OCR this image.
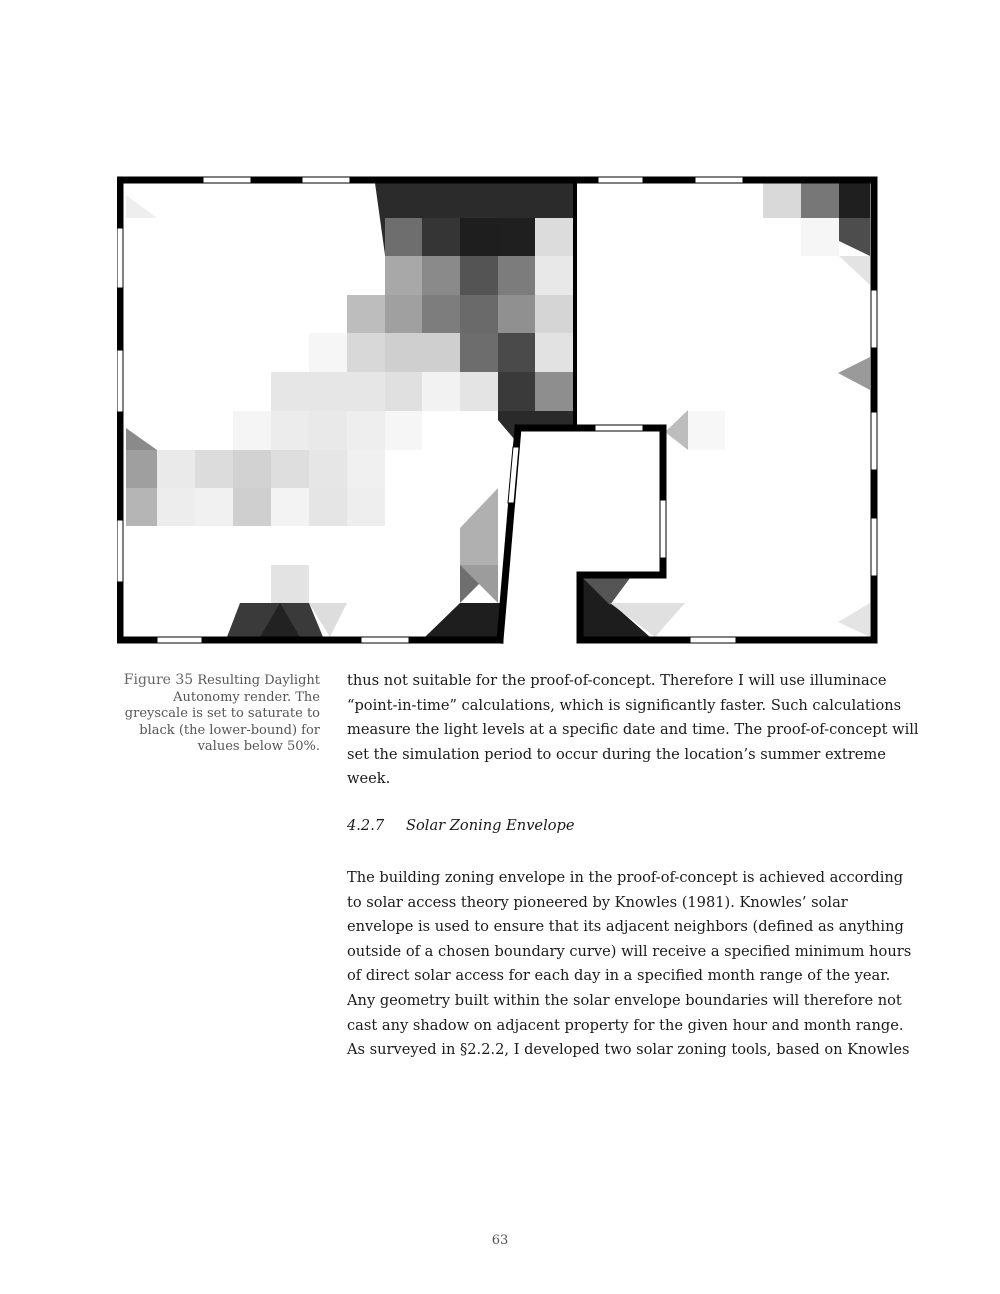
Figure 35 Resulting Daylight Autonomy render. The greyscale is set to saturate to black (the lower-bound) for values below 50%.
thus not suitable for the proof-of-concept. Therefore I will use illuminace
“point-in-time” calculations, which is significantly faster. Such calculations
measure the light levels at a specific date and time. The proof-of-concept will
set the simulation period to occur during the location’s summer extreme
week.
4.2.7 Solar Zoning Envelope
The building zoning envelope in the proof-of-concept is achieved according
to solar access theory pioneered by Knowles (1981). Knowles’ solar
envelope is used to ensure that its adjacent neighbors (defined as anything
outside of a chosen boundary curve) will receive a specified minimum hours
of direct solar access for each day in a specified month range of the year.
Any geometry built within the solar envelope boundaries will therefore not
cast any shadow on adjacent property for the given hour and month range.
As surveyed in §2.2.2, I developed two solar zoning tools, based on Knowles
63
